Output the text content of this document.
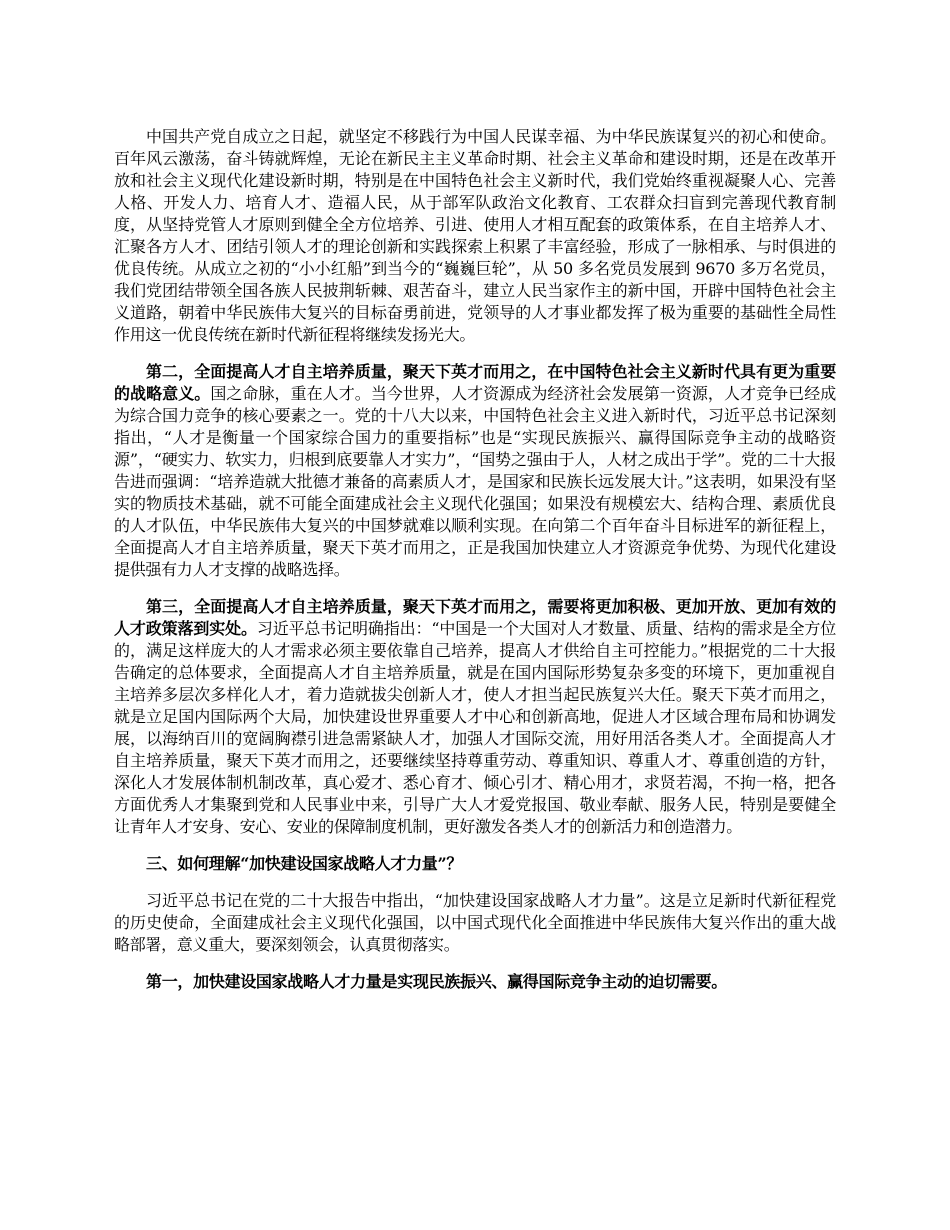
中国共产党自成立之日起，就坚定不移践行为中国人民谋幸福、为中华民族谋复兴的初心和使命。百年风云激荡，奋斗铸就辉煌，无论在新民主主义革命时期、社会主义革命和建设时期，还是在改革开放和社会主义现代化建设新时期，特别是在中国特色社会主义新时代，我们党始终重视凝聚人心、完善人格、开发人力、培育人才、造福人民，从于部军队政治文化教育、工农群众扫盲到完善现代教育制度，从坚持党管人才原则到健全全方位培养、引进、使用人才相互配套的政策体系，在自主培养人才、汇聚各方人才、团结引领人才的理论创新和实践探索上积累了丰富经验，形成了一脉相承、与时俱进的优良传统。从成立之初的“小小红船”到当今的“巍巍巨轮”，从 50 多名党员发展到 9670 多万名党员，我们党团结带领全国各族人民披荆斩棘、艰苦奋斗，建立人民当家作主的新中国，开辟中国特色社会主义道路，朝着中华民族伟大复兴的目标奋勇前进，党领导的人才事业都发挥了极为重要的基础性全局性作用这一优良传统在新时代新征程将继续发扬光大。

第二，全面提高人才自主培养质量，聚天下英才而用之，在中国特色社会主义新时代具有更为重要的战略意义。国之命脉，重在人才。当今世界，人才资源成为经济社会发展第一资源，人才竞争已经成为综合国力竞争的核心要素之一。党的十八大以来，中国特色社会主义进入新时代，习近平总书记深刻指出，“人才是衡量一个国家综合国力的重要指标”也是“实现民族振兴、赢得国际竞争主动的战略资源”，“硬实力、软实力，归根到底要靠人才实力”，“国势之强由于人，人材之成出于学”。党的二十大报告进而强调：“培养造就大批德才兼备的高素质人才，是国家和民族长远发展大计。”这表明，如果没有坚实的物质技术基础，就不可能全面建成社会主义现代化强国；如果没有规模宏大、结构合理、素质优良的人才队伍，中华民族伟大复兴的中国梦就难以顺利实现。在向第二个百年奋斗目标进军的新征程上，全面提高人才自主培养质量，聚天下英才而用之，正是我国加快建立人才资源竞争优势、为现代化建设提供强有力人才支撑的战略选择。

第三，全面提高人才自主培养质量，聚天下英才而用之，需要将更加积极、更加开放、更加有效的人才政策落到实处。习近平总书记明确指出：“中国是一个大国对人才数量、质量、结构的需求是全方位的，满足这样庞大的人才需求必须主要依靠自己培养，提高人才供给自主可控能力。”根据党的二十大报告确定的总体要求，全面提高人才自主培养质量，就是在国内国际形势复杂多变的环境下，更加重视自主培养多层次多样化人才，着力造就拔尖创新人才，使人才担当起民族复兴大任。聚天下英才而用之，就是立足国内国际两个大局，加快建设世界重要人才中心和创新高地，促进人才区域合理布局和协调发展，以海纳百川的宽阔胸襟引进急需紧缺人才，加强人才国际交流，用好用活各类人才。全面提高人才自主培养质量，聚天下英才而用之，还要继续坚持尊重劳动、尊重知识、尊重人才、尊重创造的方针，深化人才发展体制机制改革，真心爱才、悉心育才、倾心引才、精心用才，求贤若渴，不拘一格，把各方面优秀人才集聚到党和人民事业中来，引导广大人才爱党报国、敬业奉献、服务人民，特别是要健全让青年人才安身、安心、安业的保障制度机制，更好激发各类人才的创新活力和创造潜力。

三、如何理解“加快建设国家战略人才力量”？

习近平总书记在党的二十大报告中指出，“加快建设国家战略人才力量”。这是立足新时代新征程党的历史使命，全面建成社会主义现代化强国，以中国式现代化全面推进中华民族伟大复兴作出的重大战略部署，意义重大，要深刻领会，认真贯彻落实。

第一，加快建设国家战略人才力量是实现民族振兴、赢得国际竞争主动的迫切需要。
